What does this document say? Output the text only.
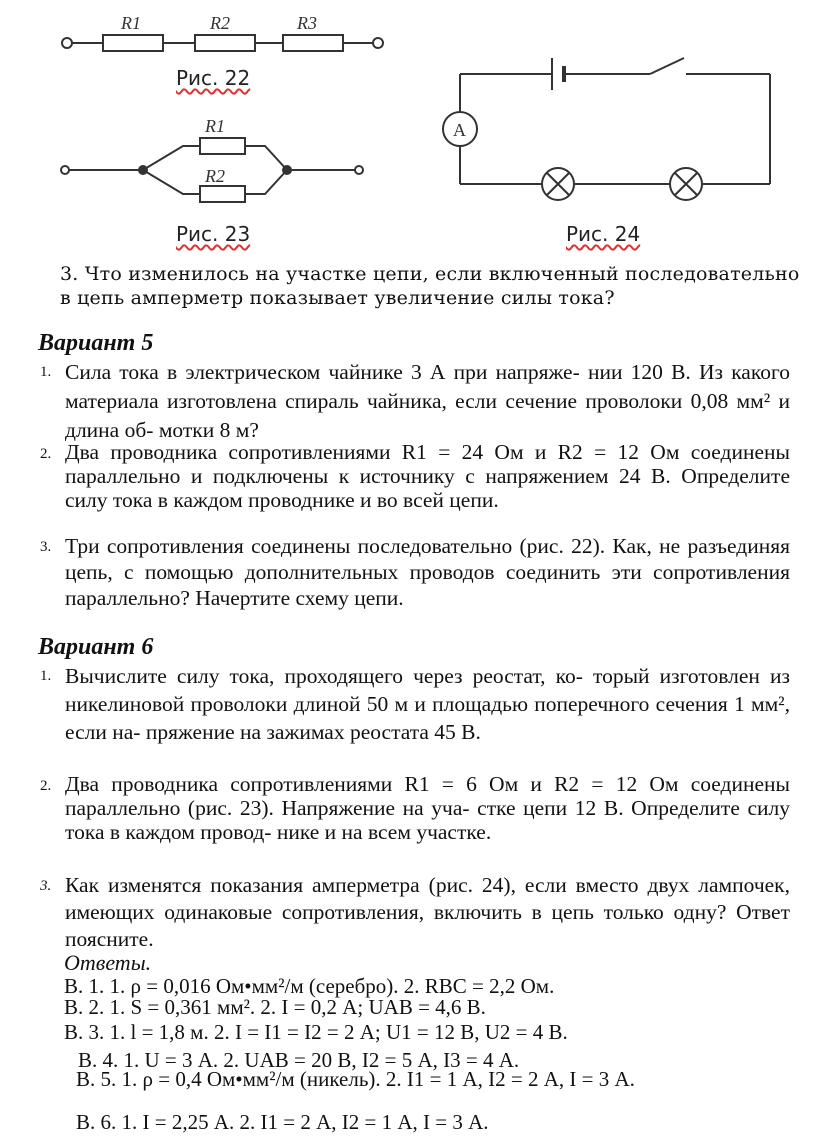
R1	R2	R3
Рис. 22
R1
R2
Рис. 23
A
Рис. 24
3. Что изменилось на участке цепи, если включенный последовательно в цепь амперметр показывает увеличение силы тока?
Вариант 5
1. Сила тока в электрическом чайнике 3 А при напряже- нии 120 В. Из какого материала изготовлена спираль чайника, если сечение проволоки 0,08 мм² и длина об- мотки 8 м?
2. Два проводника сопротивлениями R1 = 24 Ом и R2 = 12 Ом соединены параллельно и подключены к источнику с напряжением 24 В. Определите силу тока в каждом проводнике и во всей цепи.
3. Три сопротивления соединены последовательно (рис. 22). Как, не разъединяя цепь, с помощью дополнительных проводов соединить эти сопротивления параллельно? Начертите схему цепи.
Вариант 6
1. Вычислите силу тока, проходящего через реостат, ко- торый изготовлен из никелиновой проволоки длиной 50 м и площадью поперечного сечения 1 мм², если на- пряжение на зажимах реостата 45 В.
2. Два проводника сопротивлениями R1 = 6 Ом и R2 = 12 Ом соединены параллельно (рис. 23). Напряжение на уча- стке цепи 12 В. Определите силу тока в каждом провод- нике и на всем участке.
3. Как изменятся показания амперметра (рис. 24), если вместо двух лампочек, имеющих одинаковые сопротивления, включить в цепь только одну? Ответ поясните.
Ответы.
В. 1. 1. ρ = 0,016 Ом•мм²/м (серебро). 2. RBC = 2,2 Ом.
В. 2. 1. S = 0,361 мм². 2. I = 0,2 А; UAB = 4,6 В.
В. 3. 1. l = 1,8 м. 2. I = I1 = I2 = 2 А; U1 = 12 В, U2 = 4 В.
В. 4. 1. U = 3 А. 2. UAB = 20 В, I2 = 5 А, I3 = 4 А.
В. 5. 1. ρ = 0,4 Ом•мм²/м (никель). 2. I1 = 1 А, I2 = 2 А, I = 3 А.
В. 6. 1. I = 2,25 А. 2. I1 = 2 А, I2 = 1 А, I = 3 А.
